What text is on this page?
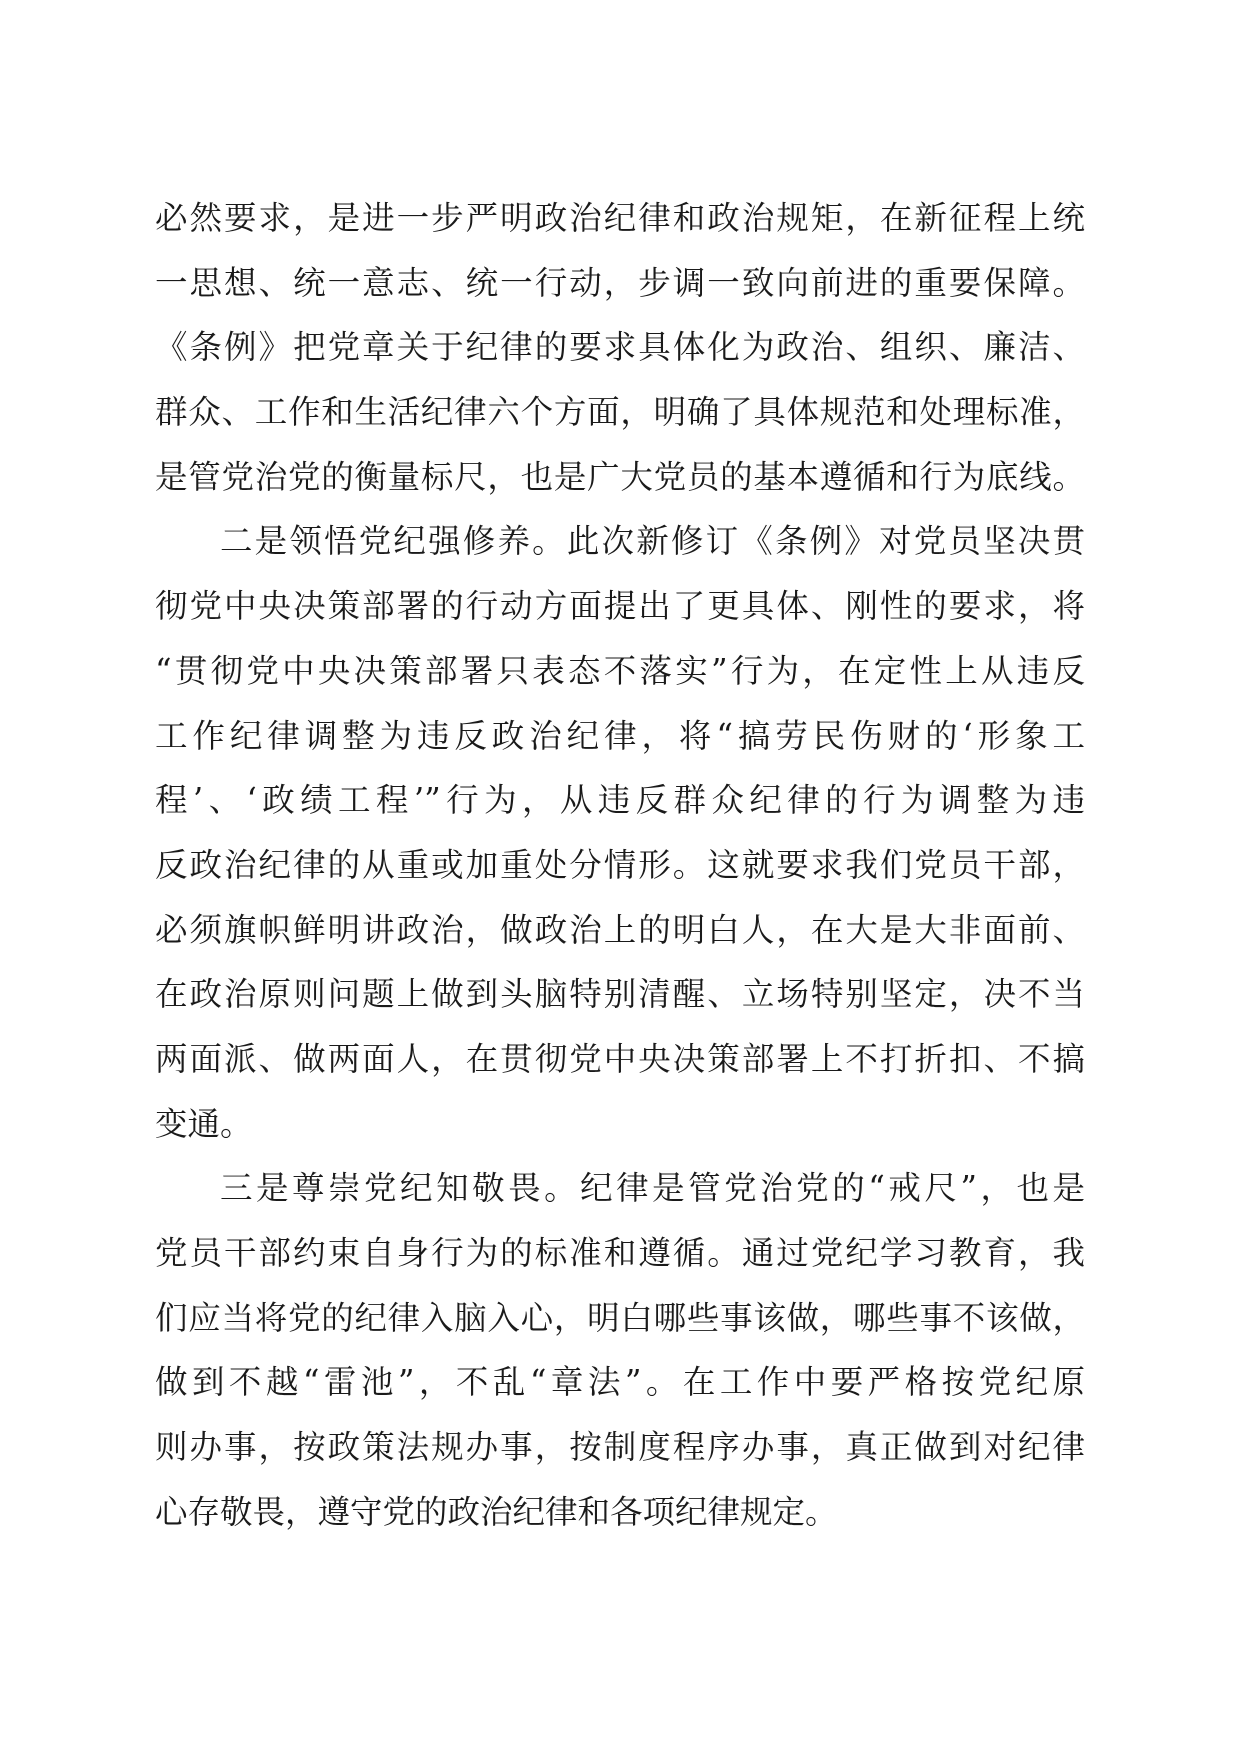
必然要求，是进一步严明政治纪律和政治规矩，在新征程上统
一思想、统一意志、统一行动，步调一致向前进的重要保障。
《条例》把党章关于纪律的要求具体化为政治、组织、廉洁、
群众、工作和生活纪律六个方面，明确了具体规范和处理标准，
是管党治党的衡量标尺，也是广大党员的基本遵循和行为底线。
二是领悟党纪强修养。此次新修订《条例》对党员坚决贯
彻党中央决策部署的行动方面提出了更具体、刚性的要求，将
“贯彻党中央决策部署只表态不落实”行为，在定性上从违反
工作纪律调整为违反政治纪律，将“搞劳民伤财的‘形象工
程’、‘政绩工程’”行为，从违反群众纪律的行为调整为违
反政治纪律的从重或加重处分情形。这就要求我们党员干部，
必须旗帜鲜明讲政治，做政治上的明白人，在大是大非面前、
在政治原则问题上做到头脑特别清醒、立场特别坚定，决不当
两面派、做两面人，在贯彻党中央决策部署上不打折扣、不搞
变通。
三是尊崇党纪知敬畏。纪律是管党治党的“戒尺”，也是
党员干部约束自身行为的标准和遵循。通过党纪学习教育，我
们应当将党的纪律入脑入心，明白哪些事该做，哪些事不该做，
做到不越“雷池”，不乱“章法”。在工作中要严格按党纪原
则办事，按政策法规办事，按制度程序办事，真正做到对纪律
心存敬畏，遵守党的政治纪律和各项纪律规定。
